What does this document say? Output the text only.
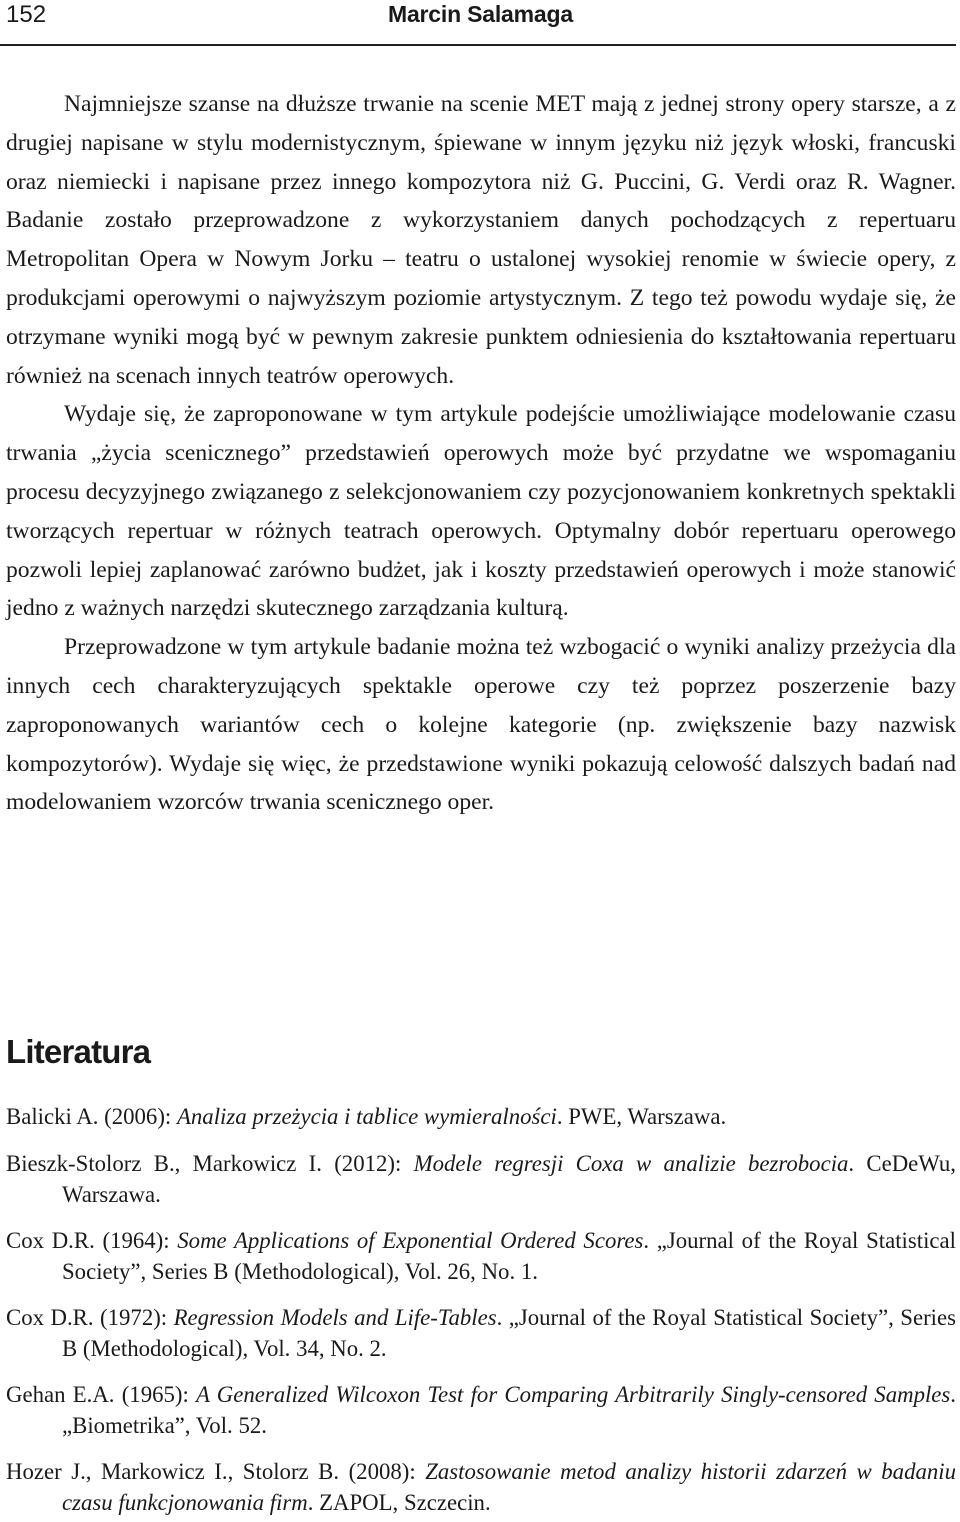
152	Marcin Salamaga

Najmniejsze szanse na dłuższe trwanie na scenie MET mają z jednej strony opery starsze, a z drugiej napisane w stylu modernistycznym, śpiewane w innym języku niż język włoski, francuski oraz niemiecki i napisane przez innego kompozytora niż G. Puccini, G. Verdi oraz R. Wagner. Badanie zostało przeprowadzone z wykorzystaniem danych pochodzących z repertuaru Metropolitan Opera w Nowym Jorku – teatru o ustalonej wysokiej renomie w świecie opery, z produkcjami operowymi o najwyższym poziomie artystycznym. Z tego też powodu wydaje się, że otrzymane wyniki mogą być w pewnym zakresie punktem odniesienia do kształtowania repertuaru również na scenach innych teatrów operowych.

Wydaje się, że zaproponowane w tym artykule podejście umożliwiające modelowanie czasu trwania „życia scenicznego” przedstawień operowych może być przydatne we wspomaganiu procesu decyzyjnego związanego z selekcjonowaniem czy pozycjonowaniem konkretnych spektakli tworzących repertuar w różnych teatrach operowych. Optymalny dobór repertuaru operowego pozwoli lepiej zaplanować zarówno budżet, jak i koszty przedstawień operowych i może stanowić jedno z ważnych narzędzi skutecznego zarządzania kulturą.

Przeprowadzone w tym artykule badanie można też wzbogacić o wyniki analizy przeżycia dla innych cech charakteryzujących spektakle operowe czy też poprzez poszerzenie bazy zaproponowanych wariantów cech o kolejne kategorie (np. zwiększenie bazy nazwisk kompozytorów). Wydaje się więc, że przedstawione wyniki pokazują celowość dalszych badań nad modelowaniem wzorców trwania scenicznego oper.

Literatura

Balicki A. (2006): Analiza przeżycia i tablice wymieralności. PWE, Warszawa.

Bieszk-Stolorz B., Markowicz I. (2012): Modele regresji Coxa w analizie bezrobocia. CeDeWu, Warszawa.

Cox D.R. (1964): Some Applications of Exponential Ordered Scores. „Journal of the Royal Statistical Society”, Series B (Methodological), Vol. 26, No. 1.

Cox D.R. (1972): Regression Models and Life-Tables. „Journal of the Royal Statistical Society”, Series B (Methodological), Vol. 34, No. 2.

Gehan E.A. (1965): A Generalized Wilcoxon Test for Comparing Arbitrarily Singly-censored Samples. „Biometrika”, Vol. 52.

Hozer J., Markowicz I., Stolorz B. (2008): Zastosowanie metod analizy historii zdarzeń w badaniu czasu funkcjonowania firm. ZAPOL, Szczecin.
